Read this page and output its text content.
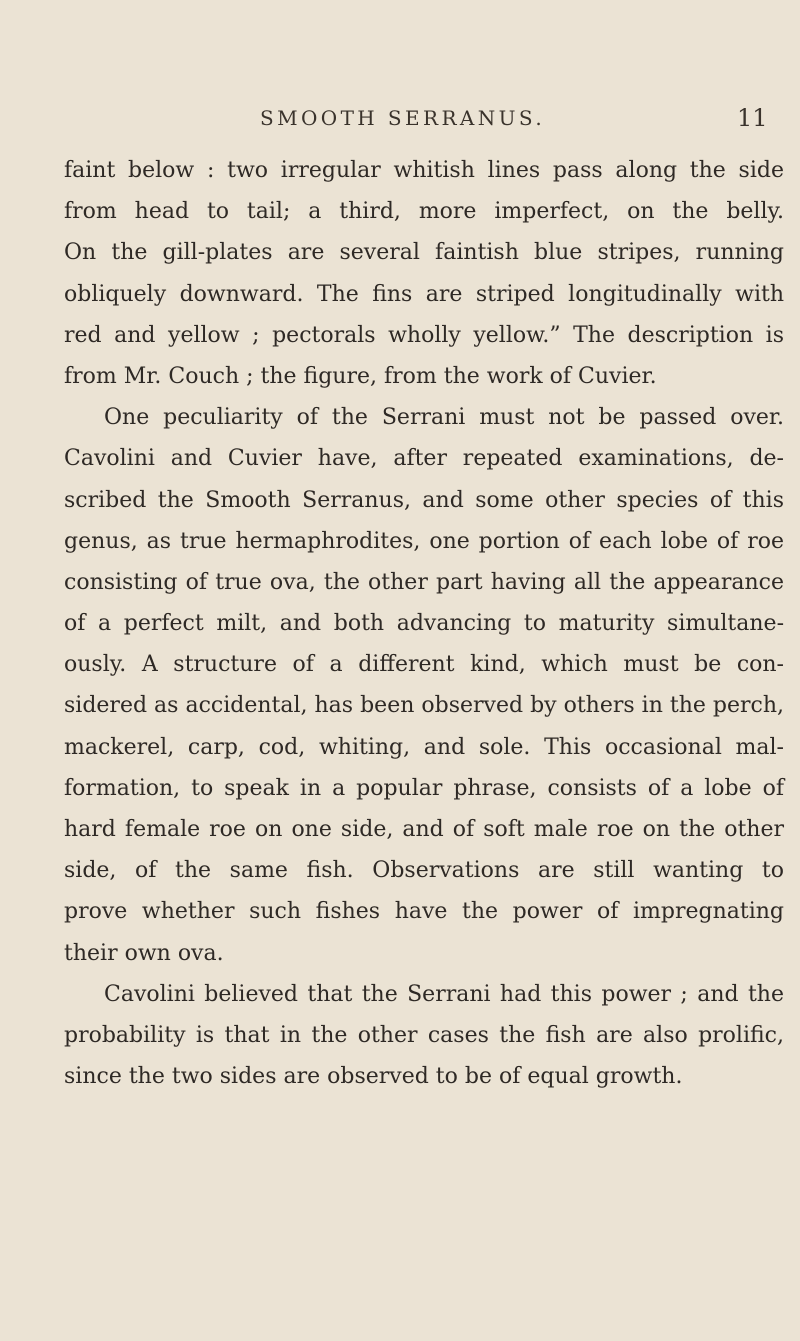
SMOOTH SERRANUS.	11

faint below : two irregular whitish lines pass along the side
from head to tail; a third, more imperfect, on the belly.
On the gill-plates are several faintish blue stripes, running
obliquely downward. The fins are striped longitudinally with
red and yellow ; pectorals wholly yellow.” The description is
from Mr. Couch ; the figure, from the work of Cuvier.

One peculiarity of the Serrani must not be passed over.
Cavolini and Cuvier have, after repeated examinations, de-
scribed the Smooth Serranus, and some other species of this
genus, as true hermaphrodites, one portion of each lobe of roe
consisting of true ova, the other part having all the appearance
of a perfect milt, and both advancing to maturity simultane-
ously. A structure of a different kind, which must be con-
sidered as accidental, has been observed by others in the perch,
mackerel, carp, cod, whiting, and sole. This occasional mal-
formation, to speak in a popular phrase, consists of a lobe of
hard female roe on one side, and of soft male roe on the other
side, of the same fish. Observations are still wanting to
prove whether such fishes have the power of impregnating
their own ova.

Cavolini believed that the Serrani had this power ; and the
probability is that in the other cases the fish are also prolific,
since the two sides are observed to be of equal growth.
